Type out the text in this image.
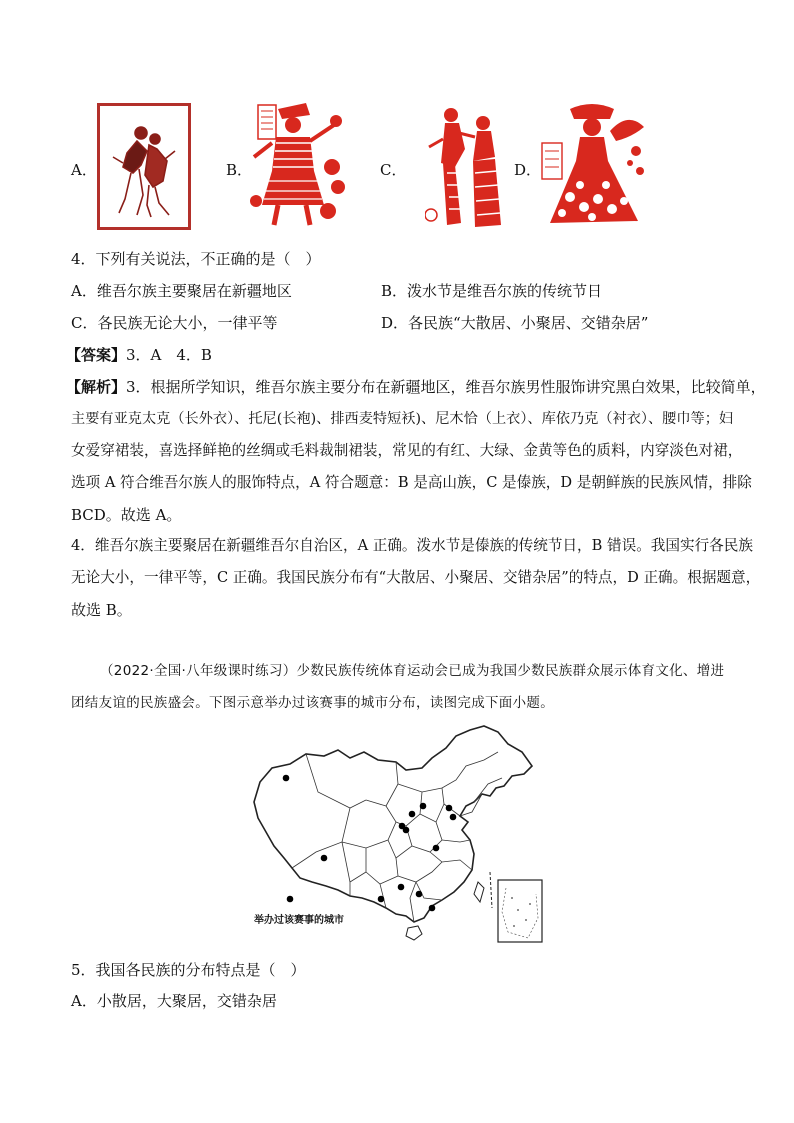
A．	B．	C．	D．
4．下列有关说法，不正确的是（　）
A．维吾尔族主要聚居在新疆地区	B．泼水节是维吾尔族的传统节日
C．各民族无论大小，一律平等	D．各民族“大散居、小聚居、交错杂居”
【答案】3．A　4．B
【解析】3．根据所学知识，维吾尔族主要分布在新疆地区，维吾尔族男性服饰讲究黑白效果，比较简单，
主要有亚克太克（长外衣）、托尼(长袍)、排西麦特短袄)、尼木恰（上衣）、库依乃克（衬衣）、腰巾等；妇
女爱穿裙装，喜选择鲜艳的丝绸或毛料裁制裙装，常见的有红、大绿、金黄等色的质料，内穿淡色对裙，
选项 A 符合维吾尔族人的服饰特点，A 符合题意：B 是高山族，C 是傣族，D 是朝鲜族的民族风情，排除
BCD。故选 A。
4．维吾尔族主要聚居在新疆维吾尔自治区，A 正确。泼水节是傣族的传统节日，B 错误。我国实行各民族
无论大小，一律平等，C 正确。我国民族分布有“大散居、小聚居、交错杂居”的特点，D 正确。根据题意，
故选 B。
（2022·全国·八年级课时练习）少数民族传统体育运动会已成为我国少数民族群众展示体育文化、增进
团结友谊的民族盛会。下图示意举办过该赛事的城市分布，读图完成下面小题。
举办过该赛事的城市
5．我国各民族的分布特点是（　）
A．小散居，大聚居，交错杂居
